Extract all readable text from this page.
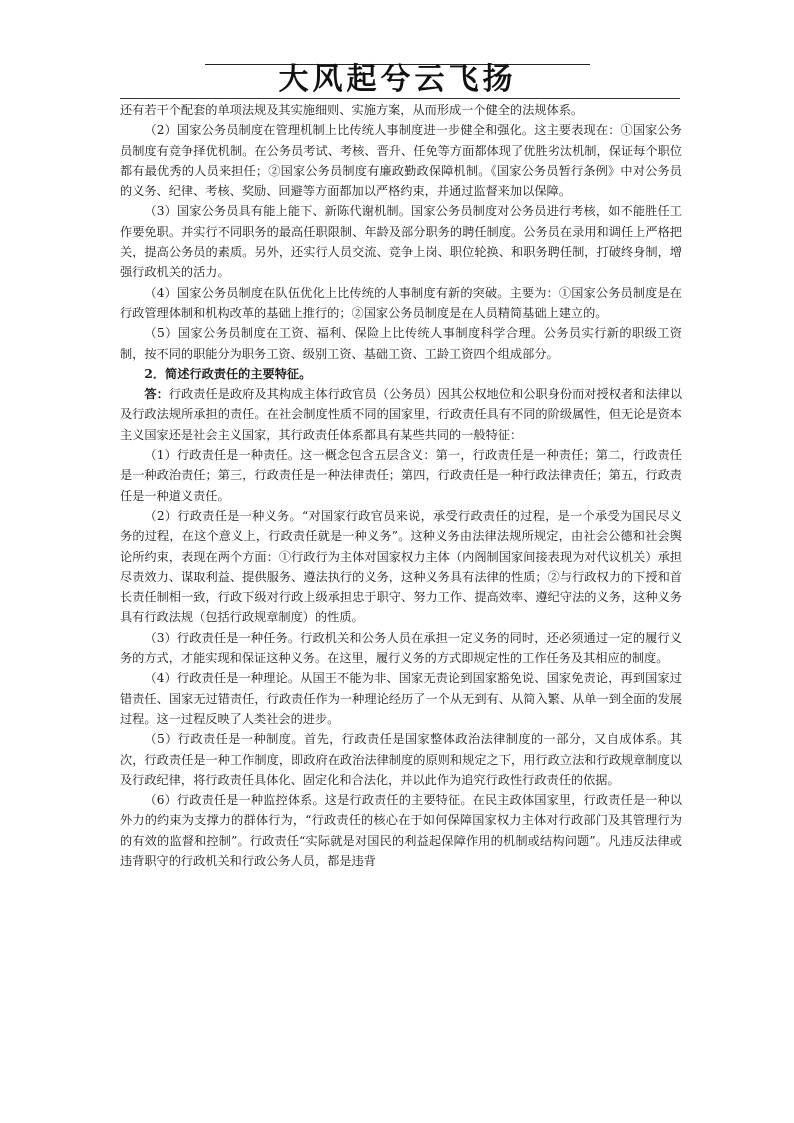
大风起兮云飞扬

还有若干个配套的单项法规及其实施细则、实施方案，从而形成一个健全的法规体系。

（2）国家公务员制度在管理机制上比传统人事制度进一步健全和强化。这主要表现在：①国家公务员制度有竞争择优机制。在公务员考试、考核、晋升、任免等方面都体现了优胜劣汰机制，保证每个职位都有最优秀的人员来担任；②国家公务员制度有廉政勤政保障机制。《国家公务员暂行条例》中对公务员的义务、纪律、考核、奖励、回避等方面都加以严格约束，并通过监督来加以保障。

（3）国家公务员具有能上能下、新陈代谢机制。国家公务员制度对公务员进行考核，如不能胜任工作要免职。并实行不同职务的最高任职限制、年龄及部分职务的聘任制度。公务员在录用和调任上严格把关，提高公务员的素质。另外，还实行人员交流、竞争上岗、职位轮换、和职务聘任制，打破终身制，增强行政机关的活力。

（4）国家公务员制度在队伍优化上比传统的人事制度有新的突破。主要为：①国家公务员制度是在行政管理体制和机构改革的基础上推行的；②国家公务员制度是在人员精简基础上建立的。

（5）国家公务员制度在工资、福利、保险上比传统人事制度科学合理。公务员实行新的职级工资制，按不同的职能分为职务工资、级别工资、基础工资、工龄工资四个组成部分。

2．简述行政责任的主要特征。

答：行政责任是政府及其构成主体行政官员（公务员）因其公权地位和公职身份而对授权者和法律以及行政法规所承担的责任。在社会制度性质不同的国家里，行政责任具有不同的阶级属性，但无论是资本主义国家还是社会主义国家，其行政责任体系都具有某些共同的一般特征：

（1）行政责任是一种责任。这一概念包含五层含义：第一，行政责任是一种责任；第二，行政责任是一种政治责任；第三，行政责任是一种法律责任；第四，行政责任是一种行政法律责任；第五，行政责任是一种道义责任。

（2）行政责任是一种义务。“对国家行政官员来说，承受行政责任的过程，是一个承受为国民尽义务的过程，在这个意义上，行政责任就是一种义务”。这种义务由法律法规所规定，由社会公德和社会舆论所约束，表现在两个方面：①行政行为主体对国家权力主体（内阁制国家间接表现为对代议机关）承担尽责效力、谋取利益、提供服务、遵法执行的义务，这种义务具有法律的性质；②与行政权力的下授和首长责任制相一致，行政下级对行政上级承担忠于职守、努力工作、提高效率、遵纪守法的义务，这种义务具有行政法规（包括行政规章制度）的性质。

（3）行政责任是一种任务。行政机关和公务人员在承担一定义务的同时，还必须通过一定的履行义务的方式，才能实现和保证这种义务。在这里，履行义务的方式即规定性的工作任务及其相应的制度。

（4）行政责任是一种理论。从国王不能为非、国家无责论到国家豁免说、国家免责论，再到国家过错责任、国家无过错责任，行政责任作为一种理论经历了一个从无到有、从简入繁、从单一到全面的发展过程。这一过程反映了人类社会的进步。

（5）行政责任是一种制度。首先，行政责任是国家整体政治法律制度的一部分，又自成体系。其次，行政责任是一种工作制度，即政府在政治法律制度的原则和规定之下，用行政立法和行政规章制度以及行政纪律，将行政责任具体化、固定化和合法化，并以此作为追究行政性行政责任的依据。

（6）行政责任是一种监控体系。这是行政责任的主要特征。在民主政体国家里，行政责任是一种以外力的约束为支撑力的群体行为，“行政责任的核心在于如何保障国家权力主体对行政部门及其管理行为的有效的监督和控制”。行政责任“实际就是对国民的利益起保障作用的机制或结构问题”。凡违反法律或违背职守的行政机关和行政公务人员，都是违背
